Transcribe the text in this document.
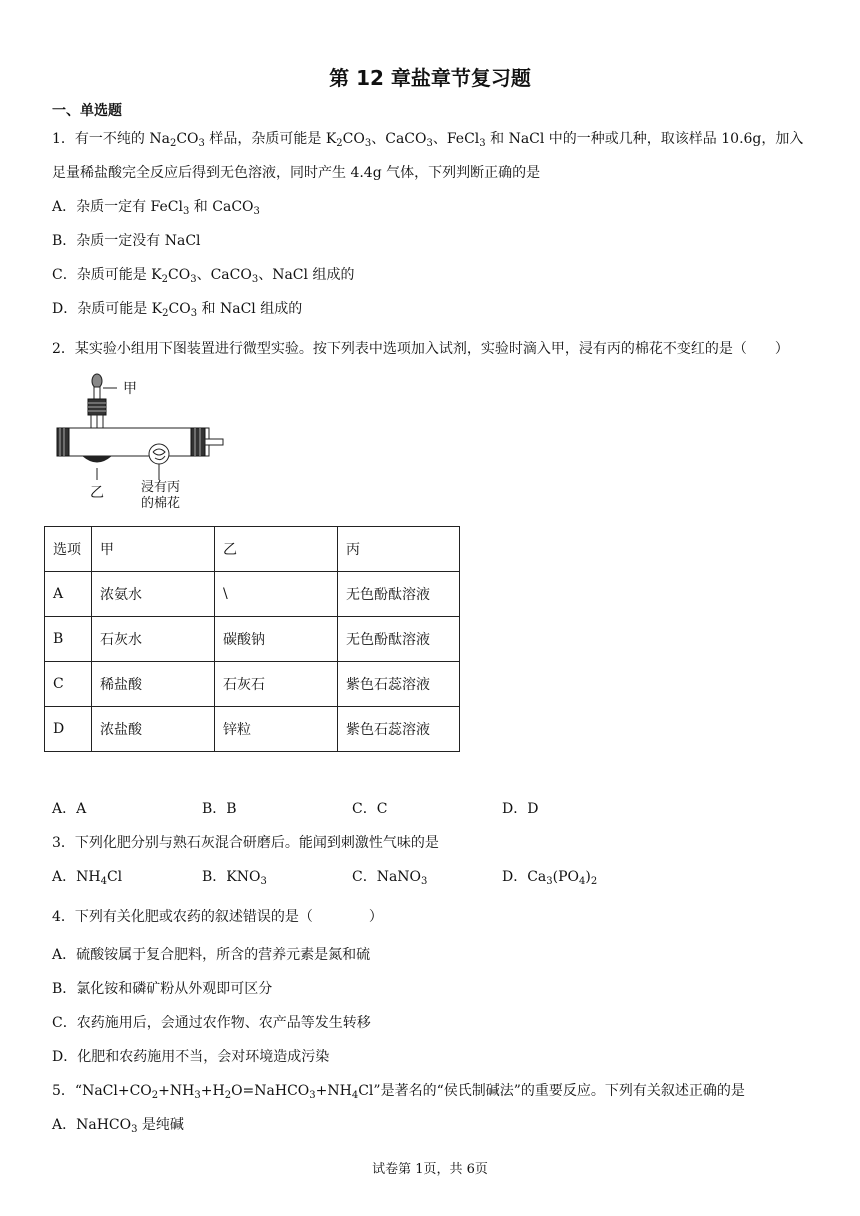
第 12 章盐章节复习题
一、单选题
1．有一不纯的 $Na_2CO_3$ 样品，杂质可能是 $K_2CO_3$、CaCO$_3$、FeCl$_3$ 和 NaCl 中的一种或几种，取该样品 10.6g，加入
足量稀盐酸完全反应后得到无色溶液，同时产生 4.4g 气体，下列判断正确的是
A．杂质一定有 FeCl$_3$ 和 CaCO$_3$
B．杂质一定没有 NaCl
C．杂质可能是 $K_2CO_3$、CaCO$_3$、NaCl 组成的
D．杂质可能是 $K_2CO_3$ 和 NaCl 组成的
2．某实验小组用下图装置进行微型实验。按下列表中选项加入试剂，实验时滴入甲，浸有丙的棉花不变红的是（　　）
甲
乙	浸有丙
的棉花
选项	甲	乙	丙
A	浓氨水	\	无色酚酞溶液
B	石灰水	碳酸钠	无色酚酞溶液
C	稀盐酸	石灰石	紫色石蕊溶液
D	浓盐酸	锌粒	紫色石蕊溶液
A．A	B．B	C．C	D．D
3．下列化肥分别与熟石灰混合研磨后。能闻到刺激性气味的是
A．$NH_4Cl$	B．$KNO_3$	C．NaNO$_3$	D．$Ca_3(PO_4)_2$
4．下列有关化肥或农药的叙述错误的是（　　　　）
A．硫酸铵属于复合肥料，所含的营养元素是氮和硫
B．氯化铵和磷矿粉从外观即可区分
C．农药施用后，会通过农作物、农产品等发生转移
D．化肥和农药施用不当，会对环境造成污染
5．“$NaCl+CO_2+NH_3+H_2O=NaHCO_3+NH_4Cl$”是著名的“侯氏制碱法”的重要反应。下列有关叙述正确的是
A．NaHCO$_3$ 是纯碱
试卷第 1页，共 6页
